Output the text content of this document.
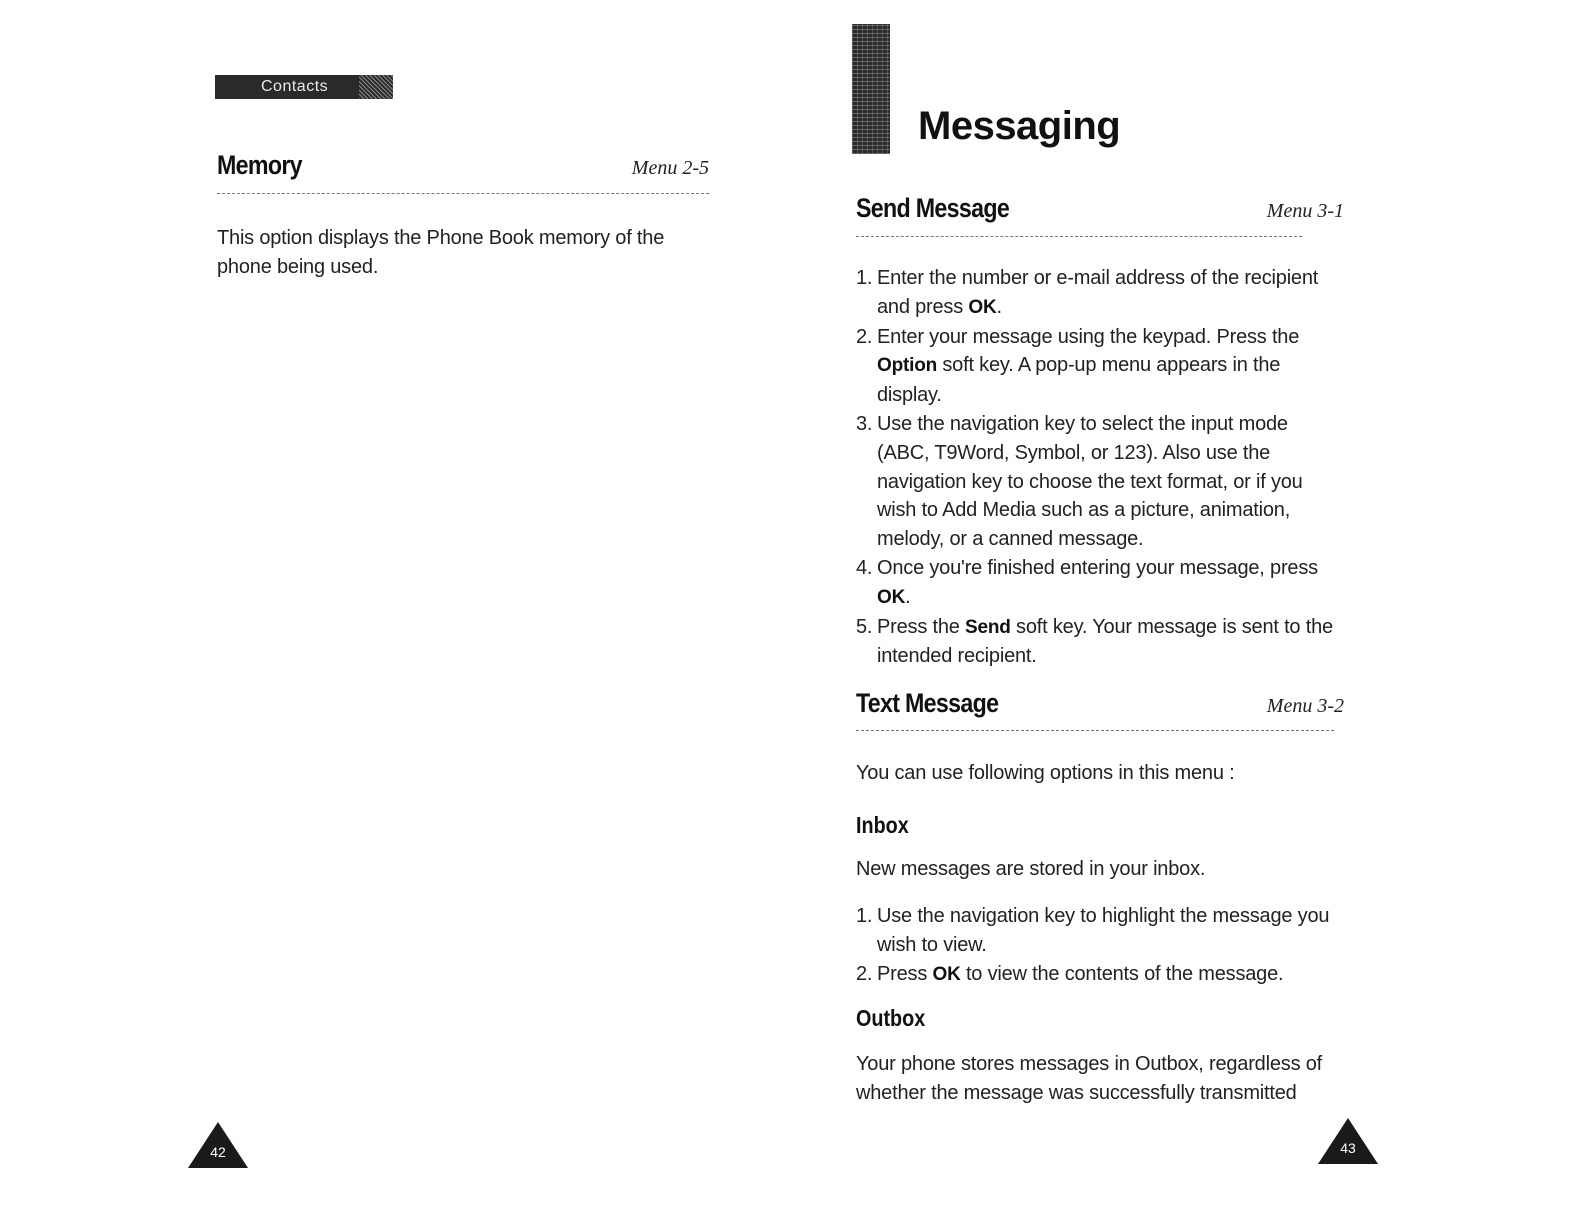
Contacts
Memory	Menu 2-5
This option displays the Phone Book memory of the phone being used.
42
Messaging
Send Message	Menu 3-1
1. Enter the number or e-mail address of the recipient and press OK.
2. Enter your message using the keypad. Press the Option soft key. A pop-up menu appears in the display.
3. Use the navigation key to select the input mode (ABC, T9Word, Symbol, or 123). Also use the navigation key to choose the text format, or if you wish to Add Media such as a picture, animation, melody, or a canned message.
4. Once you're finished entering your message, press OK.
5. Press the Send soft key. Your message is sent to the intended recipient.
Text Message	Menu 3-2
You can use following options in this menu :
Inbox
New messages are stored in your inbox.
1. Use the navigation key to highlight the message you wish to view.
2. Press OK to view the contents of the message.
Outbox
Your phone stores messages in Outbox, regardless of whether the message was successfully transmitted
43
